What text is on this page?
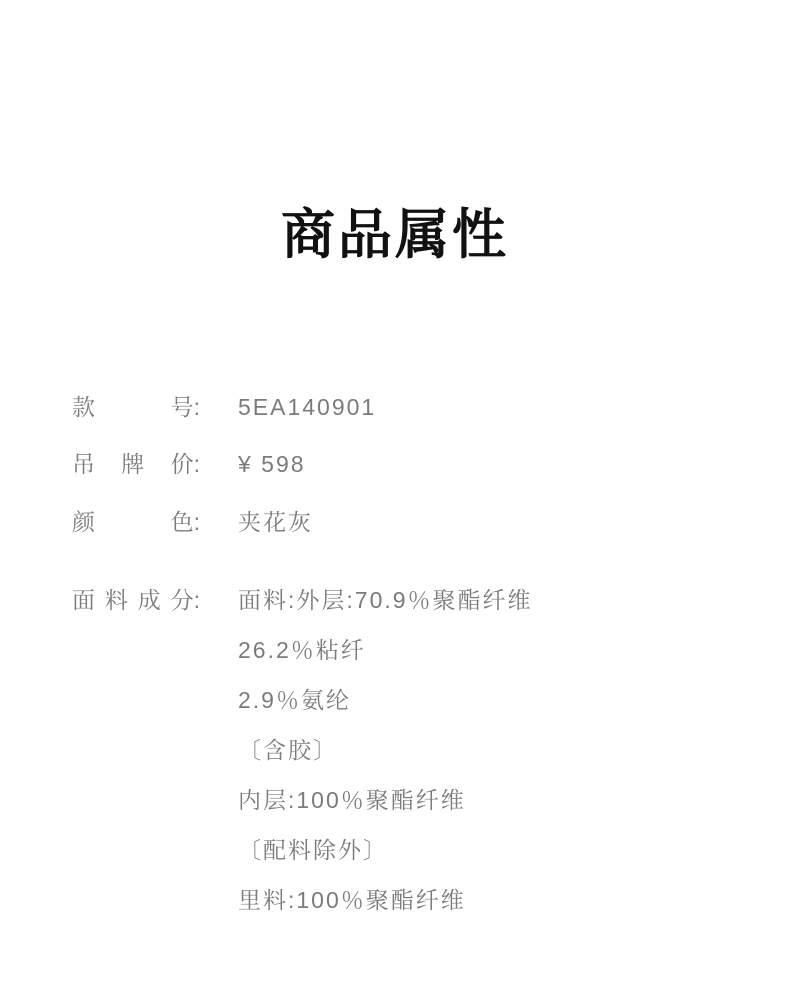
商品属性
款	号: 5EA140901
吊 牌 价: ¥ 598
颜	色: 夹花灰
面 料 成 分: 面料:外层:70.9％聚酯纤维
26.2％粘纤
2.9％氨纶
〔含胶〕
内层:100％聚酯纤维
〔配料除外〕
里料:100％聚酯纤维
